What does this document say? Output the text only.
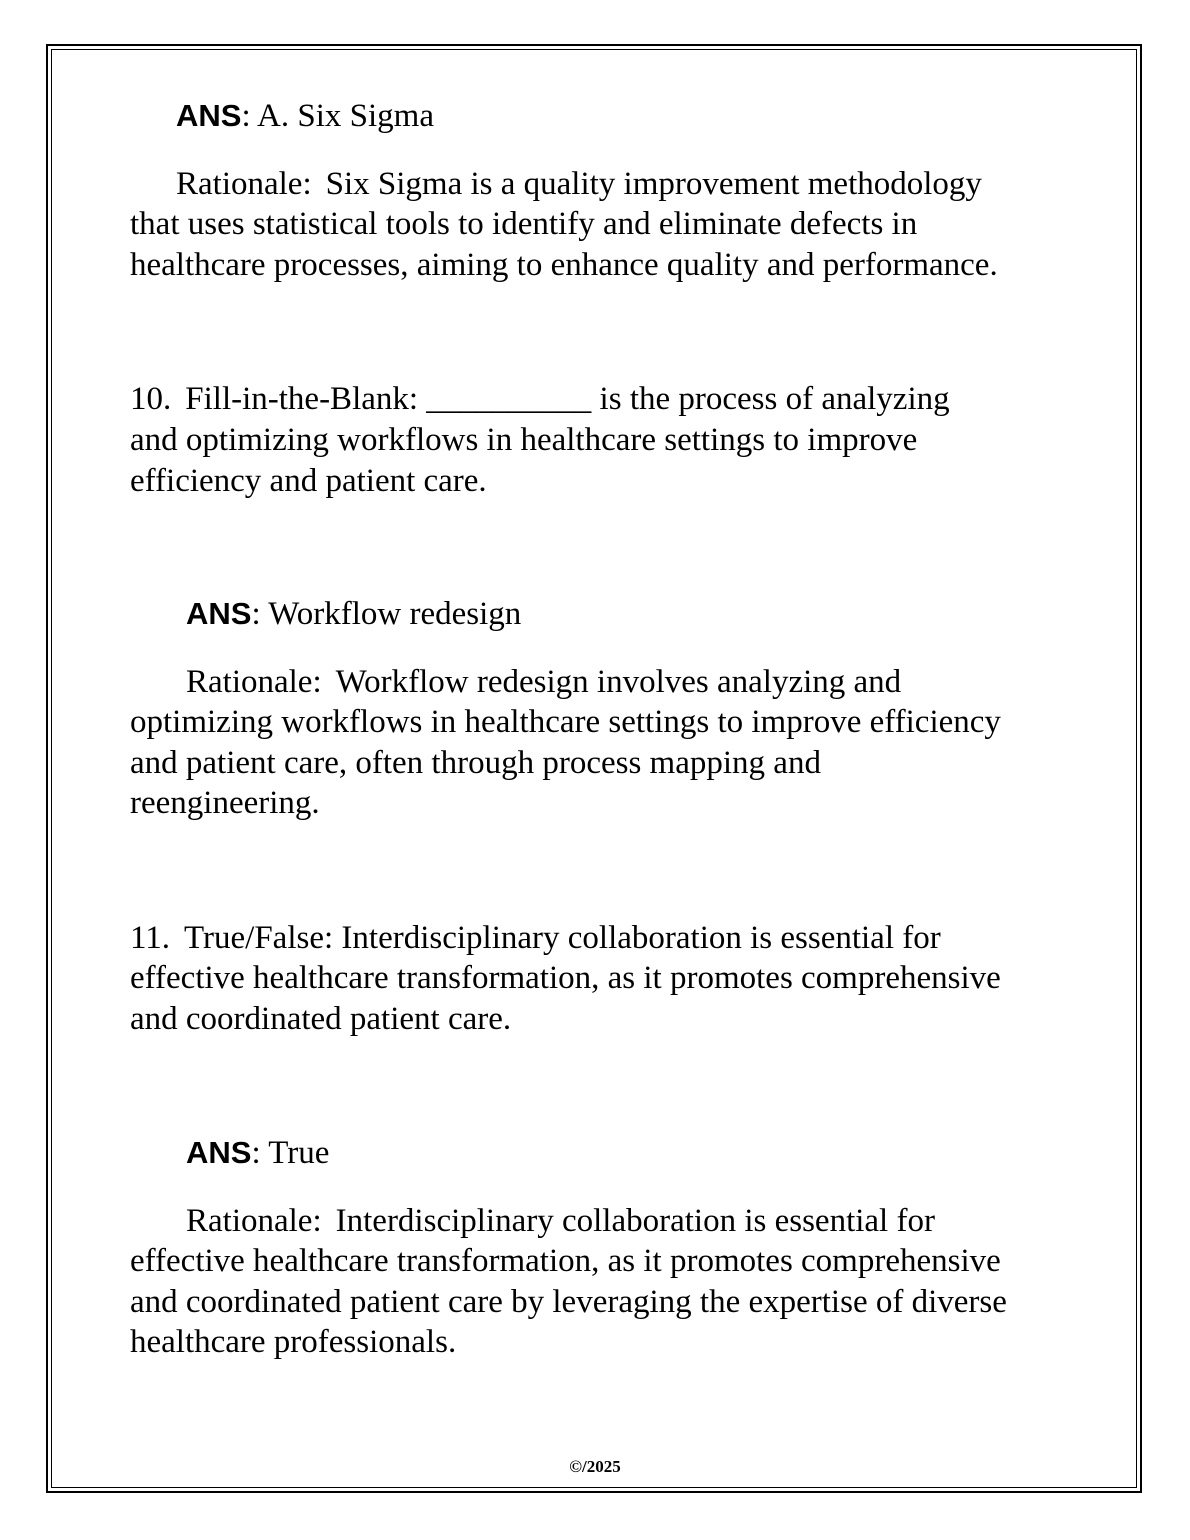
ANS: A. Six Sigma
Rationale: Six Sigma is a quality improvement methodology
that uses statistical tools to identify and eliminate defects in
healthcare processes, aiming to enhance quality and performance.
10. Fill-in-the-Blank: __________ is the process of analyzing
and optimizing workflows in healthcare settings to improve
efficiency and patient care.
ANS: Workflow redesign
Rationale: Workflow redesign involves analyzing and
optimizing workflows in healthcare settings to improve efficiency
and patient care, often through process mapping and
reengineering.
11. True/False: Interdisciplinary collaboration is essential for
effective healthcare transformation, as it promotes comprehensive
and coordinated patient care.
ANS: True
Rationale: Interdisciplinary collaboration is essential for
effective healthcare transformation, as it promotes comprehensive
and coordinated patient care by leveraging the expertise of diverse
healthcare professionals.
©/2025
